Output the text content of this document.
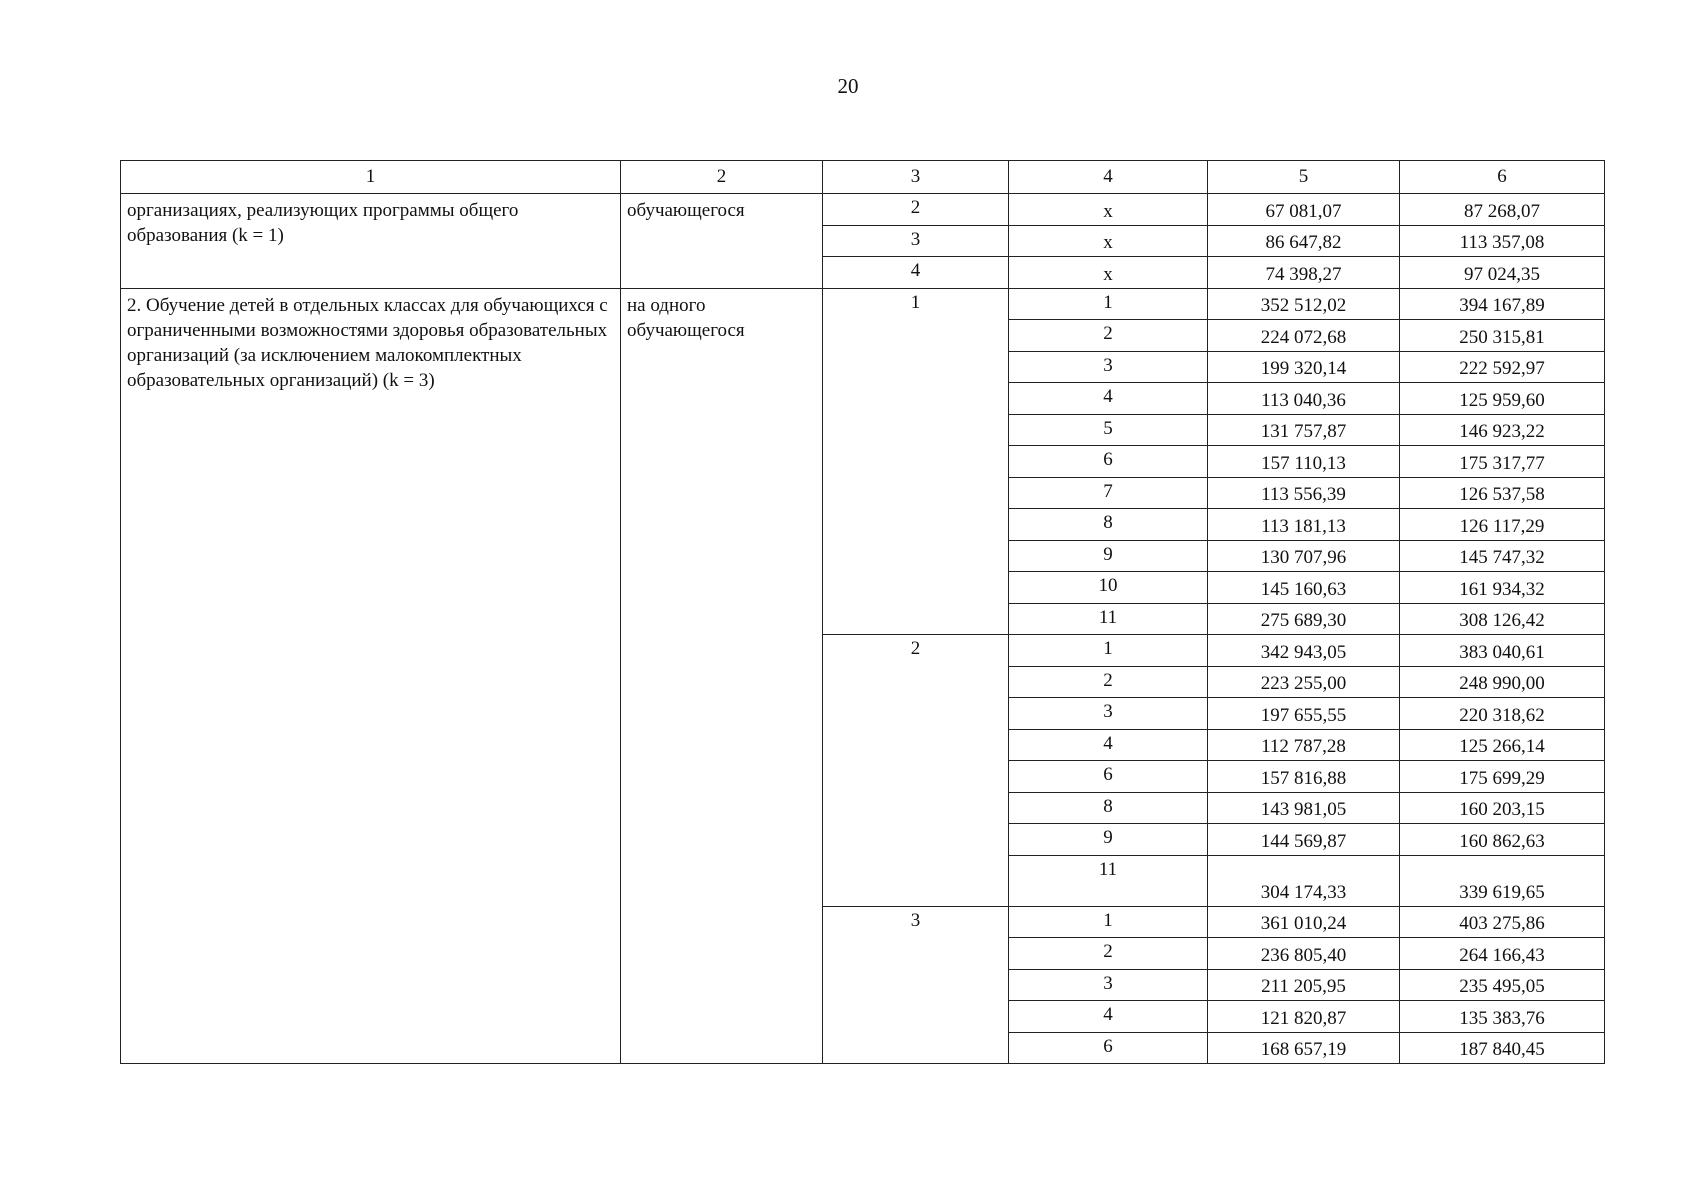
20
1	2	3	4	5	6
организациях, реализующих программы общего образования (k = 1)	обучающегося	2	х	67 081,07	87 268,07
		3	х	86 647,82	113 357,08
		4	х	74 398,27	97 024,35
2. Обучение детей в отдельных классах для обучающихся с ограниченными возможностями здоровья образовательных организаций (за исключением малокомплектных образовательных организаций) (k = 3)	на одного обучающегося	1	1	352 512,02	394 167,89
			2	224 072,68	250 315,81
			3	199 320,14	222 592,97
			4	113 040,36	125 959,60
			5	131 757,87	146 923,22
			6	157 110,13	175 317,77
			7	113 556,39	126 537,58
			8	113 181,13	126 117,29
			9	130 707,96	145 747,32
			10	145 160,63	161 934,32
			11	275 689,30	308 126,42
		2	1	342 943,05	383 040,61
			2	223 255,00	248 990,00
			3	197 655,55	220 318,62
			4	112 787,28	125 266,14
			6	157 816,88	175 699,29
			8	143 981,05	160 203,15
			9	144 569,87	160 862,63
			11	304 174,33	339 619,65
		3	1	361 010,24	403 275,86
			2	236 805,40	264 166,43
			3	211 205,95	235 495,05
			4	121 820,87	135 383,76
			6	168 657,19	187 840,45
